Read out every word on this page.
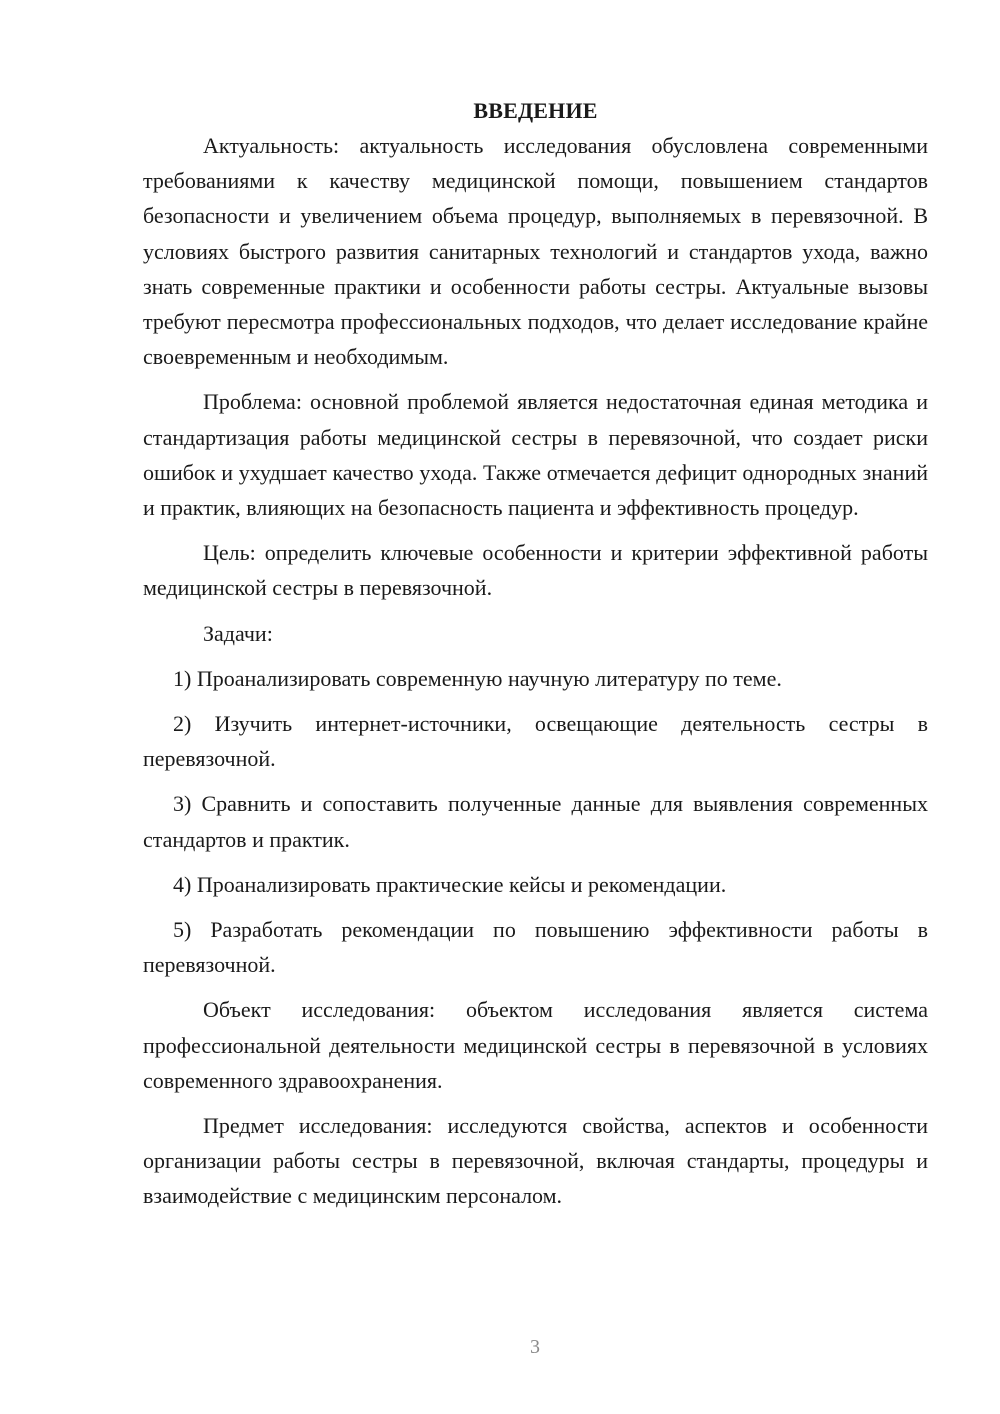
ВВЕДЕНИЕ

Актуальность: актуальность исследования обусловлена современными требованиями к качеству медицинской помощи, повышением стандартов безопасности и увеличением объема процедур, выполняемых в перевязочной. В условиях быстрого развития санитарных технологий и стандартов ухода, важно знать современные практики и особенности работы сестры. Актуальные вызовы требуют пересмотра профессиональных подходов, что делает исследование крайне своевременным и необходимым.

Проблема: основной проблемой является недостаточная единая методика и стандартизация работы медицинской сестры в перевязочной, что создает риски ошибок и ухудшает качество ухода. Также отмечается дефицит однородных знаний и практик, влияющих на безопасность пациента и эффективность процедур.

Цель: определить ключевые особенности и критерии эффективной работы медицинской сестры в перевязочной.

Задачи:

1) Проанализировать современную научную литературу по теме.

2) Изучить интернет-источники, освещающие деятельность сестры в перевязочной.

3) Сравнить и сопоставить полученные данные для выявления современных стандартов и практик.

4) Проанализировать практические кейсы и рекомендации.

5) Разработать рекомендации по повышению эффективности работы в перевязочной.

Объект исследования: объектом исследования является система профессиональной деятельности медицинской сестры в перевязочной в условиях современного здравоохранения.

Предмет исследования: исследуются свойства, аспектов и особенности организации работы сестры в перевязочной, включая стандарты, процедуры и взаимодействие с медицинским персоналом.

3
